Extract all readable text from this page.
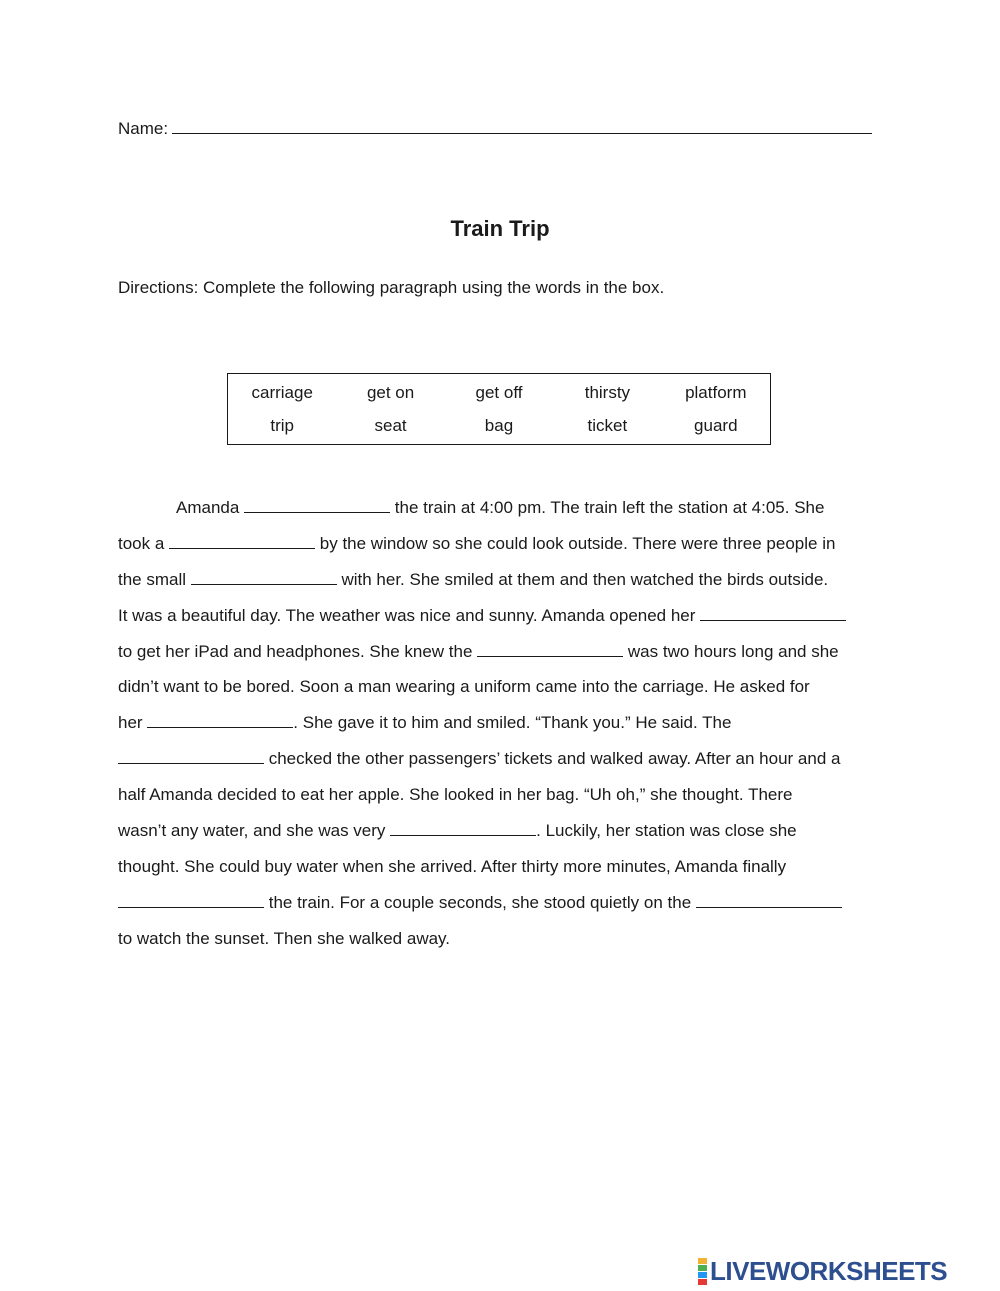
Name:
Train Trip
Directions: Complete the following paragraph using the words in the box.
carriage	get on	get off	thirsty	platform
trip	seat	bag	ticket	guard
Amanda	the train at 4:00 pm. The train left the station at 4:05. She
took a	by the window so she could look outside. There were three people in
the small	with her. She smiled at them and then watched the birds outside.
It was a beautiful day. The weather was nice and sunny. Amanda opened her
to get her iPad and headphones. She knew the	was two hours long and she
didn’t want to be bored. Soon a man wearing a uniform came into the carriage. He asked for
her	. She gave it to him and smiled. “Thank you.” He said. The
checked the other passengers’ tickets and walked away. After an hour and a
half Amanda decided to eat her apple. She looked in her bag. “Uh oh,” she thought. There
wasn’t any water, and she was very	. Luckily, her station was close she
thought. She could buy water when she arrived. After thirty more minutes, Amanda finally
the train. For a couple seconds, she stood quietly on the
to watch the sunset. Then she walked away.
LIVEWORKSHEETS
